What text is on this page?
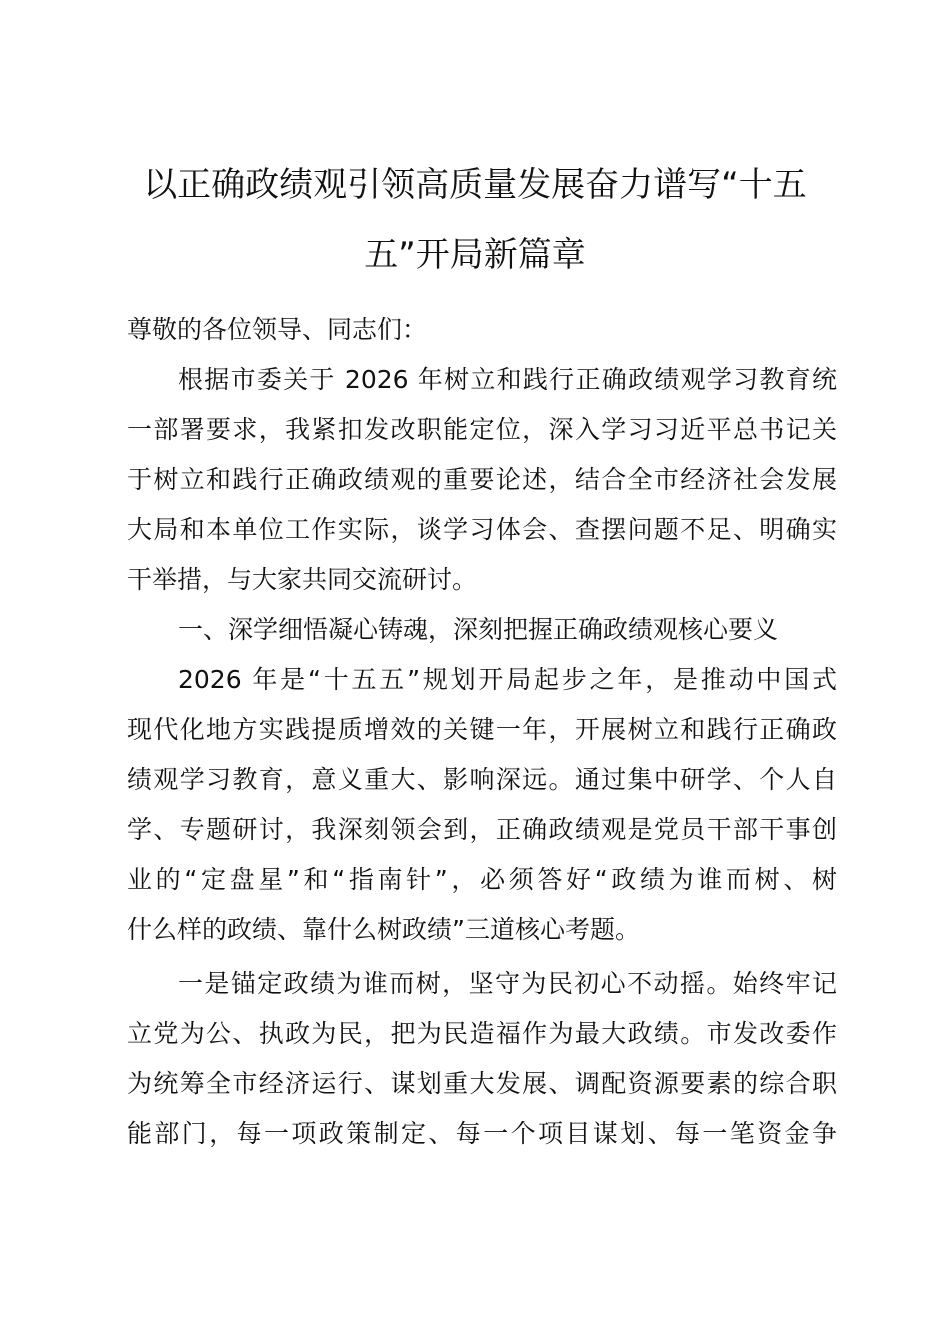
以正确政绩观引领高质量发展奋力谱写“十五
五”开局新篇章
尊敬的各位领导、同志们：
根据市委关于 2026 年树立和践行正确政绩观学习教育统
一部署要求，我紧扣发改职能定位，深入学习习近平总书记关
于树立和践行正确政绩观的重要论述，结合全市经济社会发展
大局和本单位工作实际，谈学习体会、查摆问题不足、明确实
干举措，与大家共同交流研讨。
一、深学细悟凝心铸魂，深刻把握正确政绩观核心要义
2026 年是“十五五”规划开局起步之年，是推动中国式
现代化地方实践提质增效的关键一年，开展树立和践行正确政
绩观学习教育，意义重大、影响深远。通过集中研学、个人自
学、专题研讨，我深刻领会到，正确政绩观是党员干部干事创
业的“定盘星”和“指南针”，必须答好“政绩为谁而树、树
什么样的政绩、靠什么树政绩”三道核心考题。
一是锚定政绩为谁而树，坚守为民初心不动摇。始终牢记
立党为公、执政为民，把为民造福作为最大政绩。市发改委作
为统筹全市经济运行、谋划重大发展、调配资源要素的综合职
能部门，每一项政策制定、每一个项目谋划、每一笔资金争
